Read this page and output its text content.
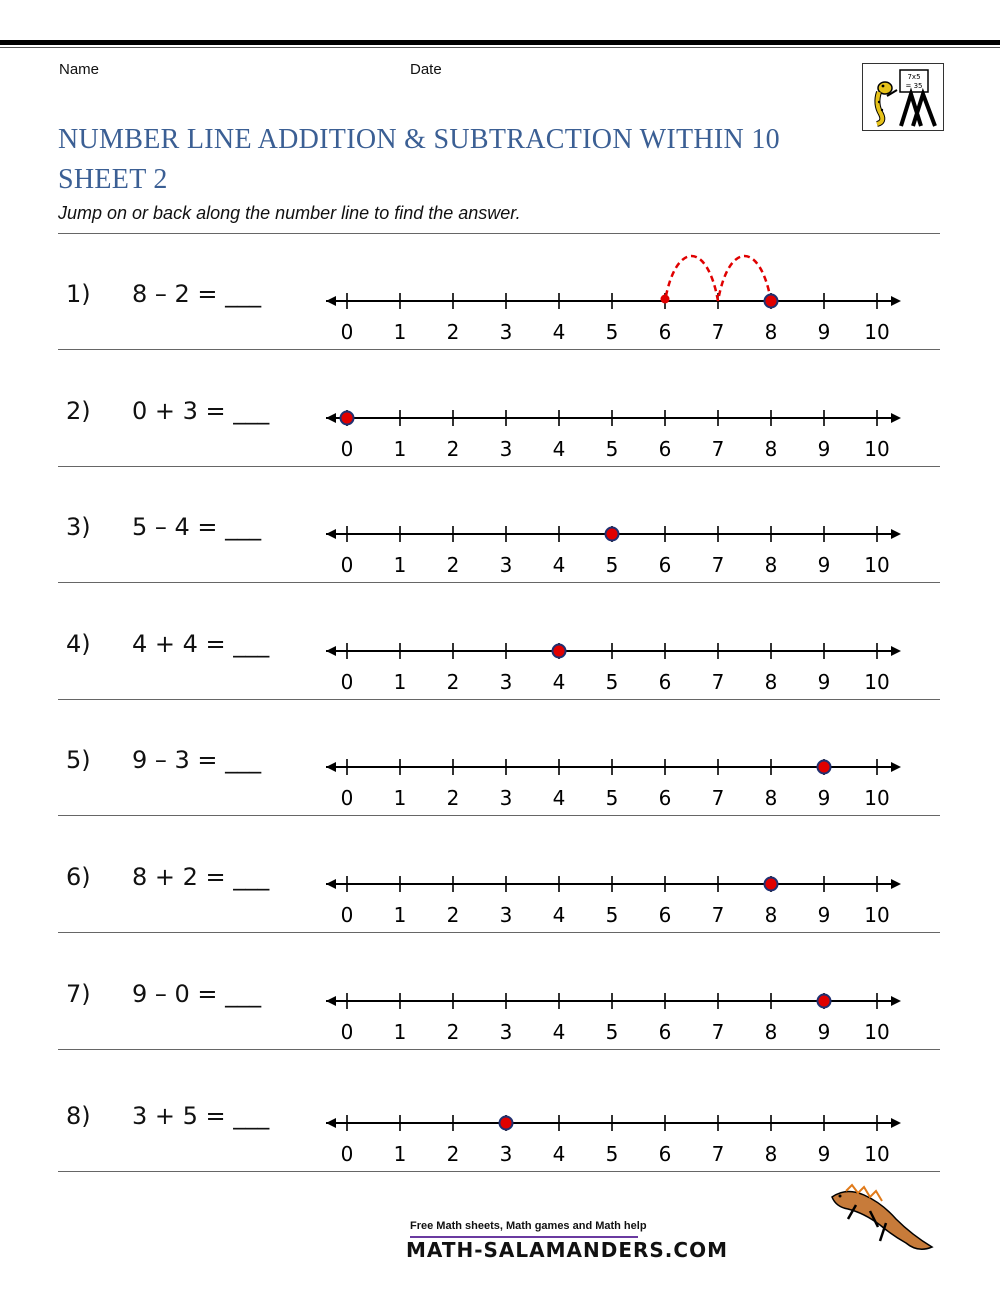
Name	Date	7x5
= 35
NUMBER LINE ADDITION & SUBTRACTION WITHIN 10
SHEET 2
Jump on or back along the number line to find the answer.
1) 8 – 2 = ___
0 1 2 3 4 5 6 7 8 9 10
2) 0 + 3 = ___
0 1 2 3 4 5 6 7 8 9 10
3) 5 – 4 = ___
0 1 2 3 4 5 6 7 8 9 10
4) 4 + 4 = ___
0 1 2 3 4 5 6 7 8 9 10
5) 9 – 3 = ___
0 1 2 3 4 5 6 7 8 9 10
6) 8 + 2 = ___
0 1 2 3 4 5 6 7 8 9 10
7) 9 – 0 = ___
0 1 2 3 4 5 6 7 8 9 10
8) 3 + 5 = ___
0 1 2 3 4 5 6 7 8 9 10
Free Math sheets, Math games and Math help
MATH-SALAMANDERS.COM
